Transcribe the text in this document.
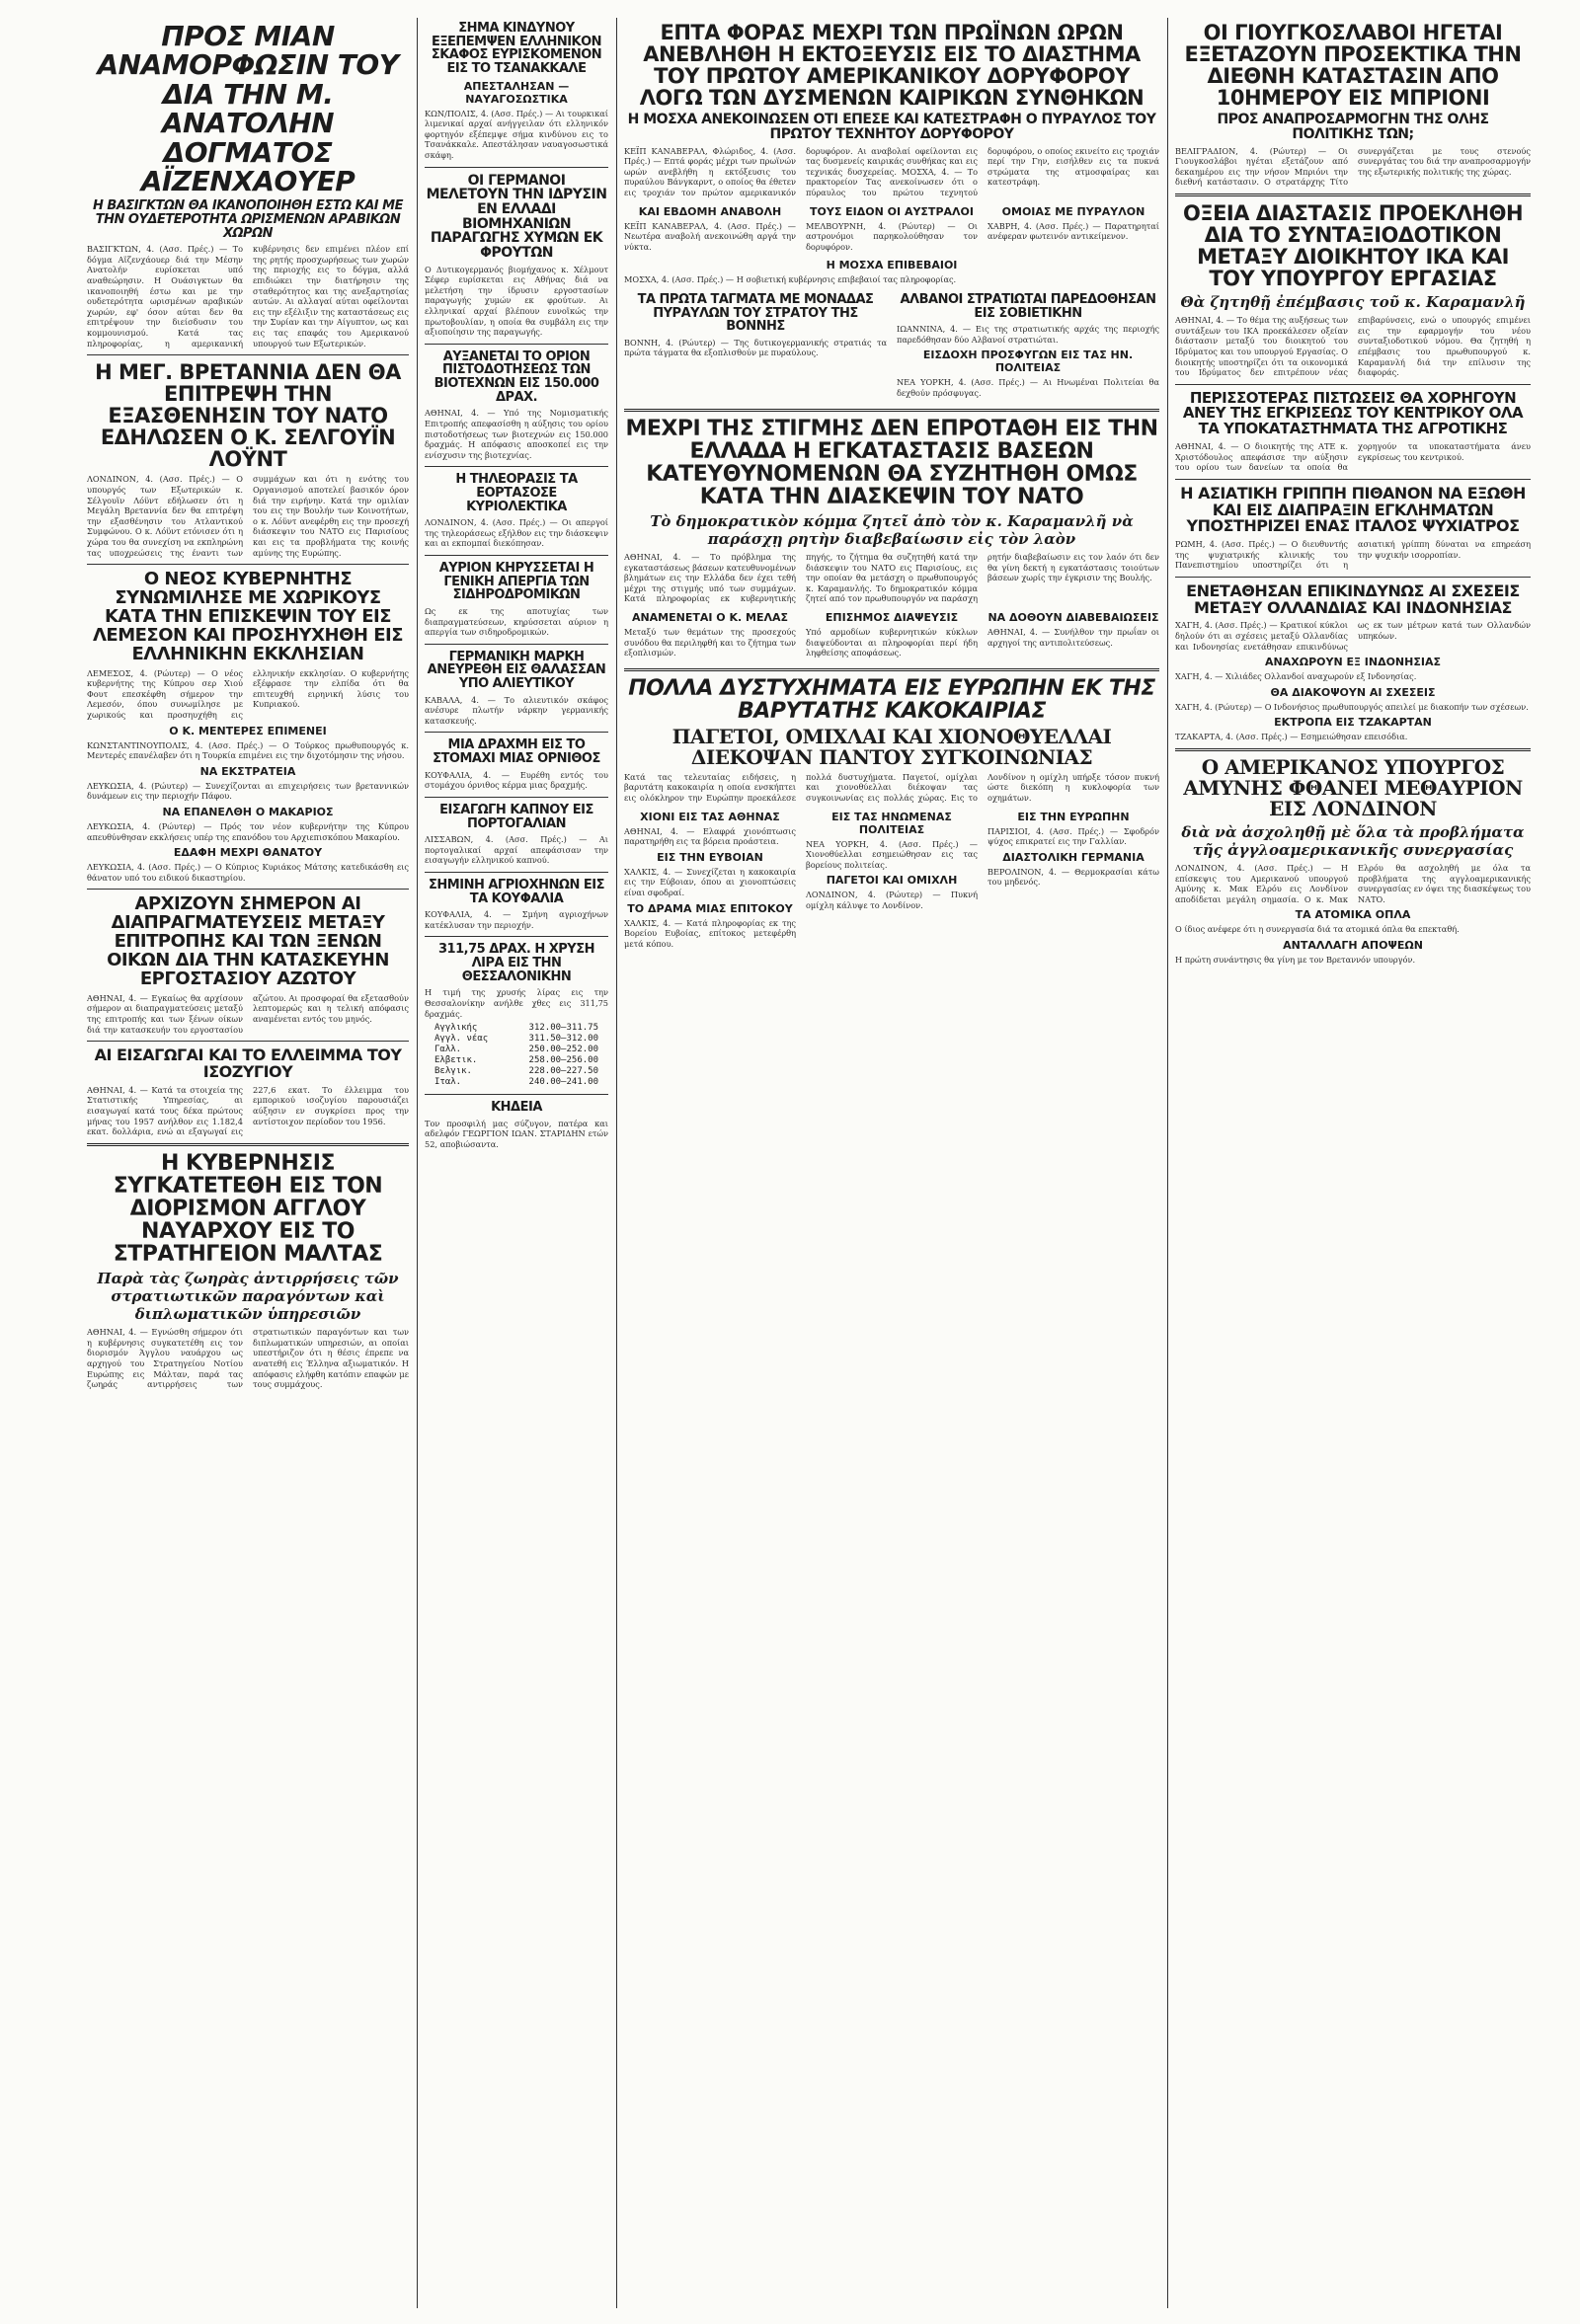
ΠΡΟΣ ΜΙΑΝ ΑΝΑΜΟΡΦΩΣΙΝ ΤΟΥ ΔΙΑ ΤΗΝ Μ. ΑΝΑΤΟΛΗΝ ΔΟΓΜΑΤΟΣ ΑΪΖΕΝΧΑΟΥΕΡ
Η ΒΑΣΙΓΚΤΩΝ ΘΑ ΙΚΑΝΟΠΟΙΗΘΗ ΕΣΤΩ ΚΑΙ ΜΕ ΤΗΝ ΟΥΔΕΤΕΡΟΤΗΤΑ ΩΡΙΣΜΕΝΩΝ ΑΡΑΒΙΚΩΝ ΧΩΡΩΝ
ΒΑΣΙΓΚΤΩΝ, 4. (Ασσ. Πρές.) — Το δόγμα Αϊζενχάουερ διά την Μέσην Ανατολήν ευρίσκεται υπό αναθεώρησιν. Η Ουάσιγκτων θα ικανοποιηθή έστω και με την ουδετερότητα ωρισμένων αραβικών χωρών, εφ' όσον αύται δεν θα επιτρέψουν την διείσδυσιν του κομμουνισμού. Κατά τας πληροφορίας, η αμερικανική κυβέρνησις δεν επιμένει πλέον επί της ρητής προσχωρήσεως των χωρών της περιοχής εις το δόγμα, αλλά επιδιώκει την διατήρησιν της σταθερότητος και της ανεξαρτησίας αυτών. Αι αλλαγαί αύται οφείλονται εις την εξέλιξιν της καταστάσεως εις την Συρίαν και την Αίγυπτον, ως και εις τας επαφάς του Αμερικανού υπουργού των Εξωτερικών.
Η ΜΕΓ. ΒΡΕΤΑΝΝΙΑ ΔΕΝ ΘΑ ΕΠΙΤΡΕΨΗ ΤΗΝ ΕΞΑΣΘΕΝΗΣΙΝ ΤΟΥ ΝΑΤΟ ΕΔΗΛΩΣΕΝ Ο Κ. ΣΕΛΓΟΥΪΝ ΛΟΫΝΤ
ΛΟΝΔΙΝΟΝ, 4. (Ασσ. Πρές.) — Ο υπουργός των Εξωτερικών κ. Σέλγουϊν Λόϋντ εδήλωσεν ότι η Μεγάλη Βρεταννία δεν θα επιτρέψη την εξασθένησιν του Ατλαντικού Συμφώνου. Ο κ. Λόϋντ ετόνισεν ότι η χώρα του θα συνεχίση να εκπληρώνη τας υποχρεώσεις της έναντι των συμμάχων και ότι η ενότης του Οργανισμού αποτελεί βασικόν όρον διά την ειρήνην. Κατά την ομιλίαν του εις την Βουλήν των Κοινοτήτων, ο κ. Λόϋντ ανεφέρθη εις την προσεχή διάσκεψιν του ΝΑΤΟ εις Παρισίους και εις τα προβλήματα της κοινής αμύνης της Ευρώπης.
Ο ΝΕΟΣ ΚΥΒΕΡΝΗΤΗΣ ΣΥΝΩΜΙΛΗΣΕ ΜΕ ΧΩΡΙΚΟΥΣ ΚΑΤΑ ΤΗΝ ΕΠΙΣΚΕΨΙΝ ΤΟΥ ΕΙΣ ΛΕΜΕΣΟΝ ΚΑΙ ΠΡΟΣΗΥΧΗΘΗ ΕΙΣ ΕΛΛΗΝΙΚΗΝ ΕΚΚΛΗΣΙΑΝ
ΛΕΜΕΣΟΣ, 4. (Ρώυτερ) — Ο νέος κυβερνήτης της Κύπρου σερ Χιού Φουτ επεσκέφθη σήμερον την Λεμεσόν, όπου συνωμίλησε με χωρικούς και προσηυχήθη εις ελληνικήν εκκλησίαν. Ο κυβερνήτης εξέφρασε την ελπίδα ότι θα επιτευχθή ειρηνική λύσις του Κυπριακού.
Ο Κ. ΜΕΝΤΕΡΕΣ ΕΠΙΜΕΝΕΙ
ΚΩΝΣΤΑΝΤΙΝΟΥΠΟΛΙΣ, 4. (Ασσ. Πρές.) — Ο Τούρκος πρωθυπουργός κ. Μεντερές επανέλαβεν ότι η Τουρκία επιμένει εις την διχοτόμησιν της νήσου.
ΝΑ ΕΚΣΤΡΑΤΕΙΑ
ΛΕΥΚΩΣΙΑ, 4. (Ρώυτερ) — Συνεχίζονται αι επιχειρήσεις των βρεταννικών δυνάμεων εις την περιοχήν Πάφου.
ΝΑ ΕΠΑΝΕΛΘΗ Ο ΜΑΚΑΡΙΟΣ
ΛΕΥΚΩΣΙΑ, 4. (Ρώυτερ) — Πρός τον νέον κυβερνήτην της Κύπρου απευθύνθησαν εκκλήσεις υπέρ της επανόδου του Αρχιεπισκόπου Μακαρίου.
ΕΔΑΦΗ ΜΕΧΡΙ ΘΑΝΑΤΟΥ
ΛΕΥΚΩΣΙΑ, 4. (Ασσ. Πρές.) — Ο Κύπριος Κυριάκος Μάτσης κατεδικάσθη εις θάνατον υπό του ειδικού δικαστηρίου.
ΑΡΧΙΖΟΥΝ ΣΗΜΕΡΟΝ ΑΙ ΔΙΑΠΡΑΓΜΑΤΕΥΣΕΙΣ ΜΕΤΑΞΥ ΕΠΙΤΡΟΠΗΣ ΚΑΙ ΤΩΝ ΞΕΝΩΝ ΟΙΚΩΝ ΔΙΑ ΤΗΝ ΚΑΤΑΣΚΕΥΗΝ ΕΡΓΟΣΤΑΣΙΟΥ ΑΖΩΤΟΥ
ΑΘΗΝΑΙ, 4. — Εγκαίως θα αρχίσουν σήμερον αι διαπραγματεύσεις μεταξύ της επιτροπής και των ξένων οίκων διά την κατασκευήν του εργοστασίου αζώτου. Αι προσφοραί θα εξετασθούν λεπτομερώς και η τελική απόφασις αναμένεται εντός του μηνός.
ΑΙ ΕΙΣΑΓΩΓΑΙ ΚΑΙ ΤΟ ΕΛΛΕΙΜΜΑ ΤΟΥ ΙΣΟΖΥΓΙΟΥ
ΑΘΗΝΑΙ, 4. — Κατά τα στοιχεία της Στατιστικής Υπηρεσίας, αι εισαγωγαί κατά τους δέκα πρώτους μήνας του 1957 ανήλθον εις 1.182,4 εκατ. δολλάρια, ενώ αι εξαγωγαί εις 227,6 εκατ. Το έλλειμμα του εμπορικού ισοζυγίου παρουσιάζει αύξησιν εν συγκρίσει προς την αντίστοιχον περίοδον του 1956.
Η ΚΥΒΕΡΝΗΣΙΣ ΣΥΓΚΑΤΕΤΕΘΗ ΕΙΣ ΤΟΝ ΔΙΟΡΙΣΜΟΝ ΑΓΓΛΟΥ ΝΑΥΑΡΧΟΥ ΕΙΣ ΤΟ ΣΤΡΑΤΗΓΕΙΟΝ ΜΑΛΤΑΣ
Παρὰ τὰς ζωηρὰς ἀντιρρήσεις τῶν στρατιωτικῶν παραγόντων καὶ διπλωματικῶν ὑπηρεσιῶν
ΑΘΗΝΑΙ, 4. — Εγνώσθη σήμερον ότι η κυβέρνησις συγκατετέθη εις τον διορισμόν Άγγλου ναυάρχου ως αρχηγού του Στρατηγείου Νοτίου Ευρώπης εις Μάλταν, παρά τας ζωηράς αντιρρήσεις των στρατιωτικών παραγόντων και των διπλωματικών υπηρεσιών, αι οποίαι υπεστήριζον ότι η θέσις έπρεπε να ανατεθή εις Έλληνα αξιωματικόν. Η απόφασις ελήφθη κατόπιν επαφών με τους συμμάχους.
ΣΗΜΑ ΚΙΝΔΥΝΟΥ ΕΞΕΠΕΜΨΕΝ ΕΛΛΗΝΙΚΟΝ ΣΚΑΦΟΣ ΕΥΡΙΣΚΟΜΕΝΟΝ ΕΙΣ ΤΟ ΤΣΑΝΑΚΚΑΛΕ
ΑΠΕΣΤΑΛΗΣΑΝ — ΝΑΥΑΓΟΣΩΣΤΙΚΑ
ΚΩΝ/ΠΟΛΙΣ, 4. (Ασσ. Πρές.) — Αι τουρκικαί λιμενικαί αρχαί ανήγγειλαν ότι ελληνικόν φορτηγόν εξέπεμψε σήμα κινδύνου εις το Τσανάκκαλε. Απεστάλησαν ναυαγοσωστικά σκάφη.
ΟΙ ΓΕΡΜΑΝΟΙ ΜΕΛΕΤΟΥΝ ΤΗΝ ΙΔΡΥΣΙΝ ΕΝ ΕΛΛΑΔΙ ΒΙΟΜΗΧΑΝΙΩΝ ΠΑΡΑΓΩΓΗΣ ΧΥΜΩΝ ΕΚ ΦΡΟΥΤΩΝ
Ο Δυτικογερμανός βιομήχανος κ. Χέλμουτ Σέφερ ευρίσκεται εις Αθήνας διά να μελετήση την ίδρυσιν εργοστασίων παραγωγής χυμών εκ φρούτων. Αι ελληνικαί αρχαί βλέπουν ευνοϊκώς την πρωτοβουλίαν, η οποία θα συμβάλη εις την αξιοποίησιν της παραγωγής.
ΑΥΞΑΝΕΤΑΙ ΤΟ ΟΡΙΟΝ ΠΙΣΤΟΔΟΤΗΣΕΩΣ ΤΩΝ ΒΙΟΤΕΧΝΩΝ ΕΙΣ 150.000 ΔΡΑΧ.
ΑΘΗΝΑΙ, 4. — Υπό της Νομισματικής Επιτροπής απεφασίσθη η αύξησις του ορίου πιστοδοτήσεως των βιοτεχνών εις 150.000 δραχμάς. Η απόφασις αποσκοπεί εις την ενίσχυσιν της βιοτεχνίας.
Η ΤΗΛΕΟΡΑΣΙΣ ΤΑ ΕΟΡΤΑΣΟΣΕ ΚΥΡΙΟΛΕΚΤΙΚΑ
ΛΟΝΔΙΝΟΝ, 4. (Ασσ. Πρές.) — Οι απεργοί της τηλεοράσεως εξήλθον εις την διάσκεψιν και αι εκπομπαί διεκόπησαν.
ΑΥΡΙΟΝ ΚΗΡΥΣΣΕΤΑΙ Η ΓΕΝΙΚΗ ΑΠΕΡΓΙΑ ΤΩΝ ΣΙΔΗΡΟΔΡΟΜΙΚΩΝ
Ως εκ της αποτυχίας των διαπραγματεύσεων, κηρύσσεται αύριον η απεργία των σιδηροδρομικών.
ΓΕΡΜΑΝΙΚΗ ΜΑΡΚΗ ΑΝΕΥΡΕΘΗ ΕΙΣ ΘΑΛΑΣΣΑΝ ΥΠΟ ΑΛΙΕΥΤΙΚΟΥ
ΚΑΒΑΛΑ, 4. — Το αλιευτικόν σκάφος ανέσυρε πλωτήν νάρκην γερμανικής κατασκευής.
ΜΙΑ ΔΡΑΧΜΗ ΕΙΣ ΤΟ ΣΤΟΜΑΧΙ ΜΙΑΣ ΟΡΝΙΘΟΣ
ΚΟΥΦΑΛΙΑ, 4. — Ευρέθη εντός του στομάχου όρνιθος κέρμα μιας δραχμής.
ΕΙΣΑΓΩΓΗ ΚΑΠΝΟΥ ΕΙΣ ΠΟΡΤΟΓΑΛΙΑΝ
ΛΙΣΣΑΒΩΝ, 4. (Ασσ. Πρές.) — Αι πορτογαλικαί αρχαί απεφάσισαν την εισαγωγήν ελληνικού καπνού.
ΣΗΜΙΝΗ ΑΓΡΙΟΧΗΝΩΝ ΕΙΣ ΤΑ ΚΟΥΦΑΛΙΑ
ΚΟΥΦΑΛΙΑ, 4. — Σμήνη αγριοχήνων κατέκλυσαν την περιοχήν.
311,75 ΔΡΑΧ. Η ΧΡΥΣΗ ΛΙΡΑ ΕΙΣ ΤΗΝ ΘΕΣΣΑΛΟΝΙΚΗΝ
Η τιμή της χρυσής λίρας εις την Θεσσαλονίκην ανήλθε χθες εις 311,75 δραχμάς.
Αγγλικής	312.00—311.75
Αγγλ. νέας	311.50—312.00
Γαλλ.	250.00—252.00
Ελβετικ.	258.00—256.00
Βελγικ.	228.00—227.50
Ιταλ.	240.00—241.00
ΚΗΔΕΙΑ
Τον προσφιλή μας σύζυγον, πατέρα και αδελφόν ΓΕΩΡΓΙΟΝ ΙΩΑΝ. ΣΤΑΡΙΔΗΝ ετών 52, αποβιώσαντα.
ΕΠΤΑ ΦΟΡΑΣ ΜΕΧΡΙ ΤΩΝ ΠΡΩΪΝΩΝ ΩΡΩΝ ΑΝΕΒΛΗΘΗ Η ΕΚΤΟΞΕΥΣΙΣ ΕΙΣ ΤΟ ΔΙΑΣΤΗΜΑ ΤΟΥ ΠΡΩΤΟΥ ΑΜΕΡΙΚΑΝΙΚΟΥ ΔΟΡΥΦΟΡΟΥ ΛΟΓΩ ΤΩΝ ΔΥΣΜΕΝΩΝ ΚΑΙΡΙΚΩΝ ΣΥΝΘΗΚΩΝ
Η ΜΟΣΧΑ ΑΝΕΚΟΙΝΩΣΕΝ ΟΤΙ ΕΠΕΣΕ ΚΑΙ ΚΑΤΕΣΤΡΑΦΗ Ο ΠΥΡΑΥΛΟΣ ΤΟΥ ΠΡΩΤΟΥ ΤΕΧΝΗΤΟΥ ΔΟΡΥΦΟΡΟΥ
ΚΕΪΠ ΚΑΝΑΒΕΡΑΛ, Φλώριδος, 4. (Ασσ. Πρές.) — Επτά φοράς μέχρι των πρωϊνών ωρών ανεβλήθη η εκτόξευσις του πυραύλου Βάνγκαρντ, ο οποίος θα έθετεν εις τροχιάν τον πρώτον αμερικανικόν δορυφόρον. Αι αναβολαί οφείλονται εις τας δυσμενείς καιρικάς συνθήκας και εις τεχνικάς δυσχερείας. ΜΟΣΧΑ, 4. — Το πρακτορείον Τας ανεκοίνωσεν ότι ο πύραυλος του πρώτου τεχνητού δορυφόρου, ο οποίος εκινείτο εις τροχιάν περί την Γην, εισήλθεν εις τα πυκνά στρώματα της ατμοσφαίρας και κατεστράφη.
ΚΑΙ ΕΒΔΟΜΗ ΑΝΑΒΟΛΗ
ΚΕΪΠ ΚΑΝΑΒΕΡΑΛ, 4. (Ασσ. Πρές.) — Νεωτέρα αναβολή ανεκοινώθη αργά την νύκτα.
ΤΟΥΣ ΕΙΔΟΝ ΟΙ ΑΥΣΤΡΑΛΟΙ
ΜΕΛΒΟΥΡΝΗ, 4. (Ρώυτερ) — Οι αστρονόμοι παρηκολούθησαν τον δορυφόρον.
ΟΜΟΙΑΣ ΜΕ ΠΥΡΑΥΛΟΝ
ΧΑΒΡΗ, 4. (Ασσ. Πρές.) — Παρατηρηταί ανέφεραν φωτεινόν αντικείμενον.
Η ΜΟΣΧΑ ΕΠΙΒΕΒΑΙΟΙ
ΜΟΣΧΑ, 4. (Ασσ. Πρές.) — Η σοβιετική κυβέρνησις επιβεβαιοί τας πληροφορίας.
ΤΑ ΠΡΩΤΑ ΤΑΓΜΑΤΑ ΜΕ ΜΟΝΑΔΑΣ ΠΥΡΑΥΛΩΝ ΤΟΥ ΣΤΡΑΤΟΥ ΤΗΣ ΒΟΝΝΗΣ
ΒΟΝΝΗ, 4. (Ρώυτερ) — Της δυτικογερμανικής στρατιάς τα πρώτα τάγματα θα εξοπλισθούν με πυραύλους.
ΑΛΒΑΝΟΙ ΣΤΡΑΤΙΩΤΑΙ ΠΑΡΕΔΟΘΗΣΑΝ ΕΙΣ ΣΟΒΙΕΤΙΚΗΝ
ΙΩΑΝΝΙΝΑ, 4. — Εις της στρατιωτικής αρχάς της περιοχής παρεδόθησαν δύο Αλβανοί στρατιώται.
ΕΙΣΔΟΧΗ ΠΡΟΣΦΥΓΩΝ ΕΙΣ ΤΑΣ ΗΝ. ΠΟΛΙΤΕΙΑΣ
ΝΕΑ ΥΟΡΚΗ, 4. (Ασσ. Πρές.) — Αι Ηνωμέναι Πολιτείαι θα δεχθούν πρόσφυγας.
ΜΕΧΡΙ ΤΗΣ ΣΤΙΓΜΗΣ ΔΕΝ ΕΠΡΟΤΑΘΗ ΕΙΣ ΤΗΝ ΕΛΛΑΔΑ Η ΕΓΚΑΤΑΣΤΑΣΙΣ ΒΑΣΕΩΝ ΚΑΤΕΥΘΥΝΟΜΕΝΩΝ ΘΑ ΣΥΖΗΤΗΘΗ ΟΜΩΣ ΚΑΤΑ ΤΗΝ ΔΙΑΣΚΕΨΙΝ ΤΟΥ ΝΑΤΟ
Τὸ δημοκρατικὸν κόμμα ζητεῖ ἀπὸ τὸν κ. Καραμανλῆ νὰ παράσχῃ ρητὴν διαβεβαίωσιν εἰς τὸν λαὸν
ΑΘΗΝΑΙ, 4. — Το πρόβλημα της εγκαταστάσεως βάσεων κατευθυνομένων βλημάτων εις την Ελλάδα δεν έχει τεθή μέχρι της στιγμής υπό των συμμάχων. Κατά πληροφορίας εκ κυβερνητικής πηγής, το ζήτημα θα συζητηθή κατά την διάσκεψιν του ΝΑΤΟ εις Παρισίους, εις την οποίαν θα μετάσχη ο πρωθυπουργός κ. Καραμανλής. Το δημοκρατικόν κόμμα ζητεί από τον πρωθυπουργόν να παράσχη ρητήν διαβεβαίωσιν εις τον λαόν ότι δεν θα γίνη δεκτή η εγκατάστασις τοιούτων βάσεων χωρίς την έγκρισιν της Βουλής.
ΑΝΑΜΕΝΕΤΑΙ Ο Κ. ΜΕΛΑΣ
Μεταξύ των θεμάτων της προσεχούς συνόδου θα περιληφθή και το ζήτημα των εξοπλισμών.
ΕΠΙΣΗΜΟΣ ΔΙΑΨΕΥΣΙΣ
Υπό αρμοδίων κυβερνητικών κύκλων διαψεύδονται αι πληροφορίαι περί ήδη ληφθείσης αποφάσεως.
ΝΑ ΔΟΘΟΥΝ ΔΙΑΒΕΒΑΙΩΣΕΙΣ
ΑΘΗΝΑΙ, 4. — Συνήλθον την πρωΐαν οι αρχηγοί της αντιπολιτεύσεως.
ΠΟΛΛΑ ΔΥΣΤΥΧΗΜΑΤΑ ΕΙΣ ΕΥΡΩΠΗΝ ΕΚ ΤΗΣ ΒΑΡΥΤΑΤΗΣ ΚΑΚΟΚΑΙΡΙΑΣ
ΠΑΓΕΤΟΙ, ΟΜΙΧΛΑΙ ΚΑΙ ΧΙΟΝΟΘΥΕΛΛΑΙ ΔΙΕΚΟΨΑΝ ΠΑΝΤΟΥ ΣΥΓΚΟΙΝΩΝΙΑΣ
Κατά τας τελευταίας ειδήσεις, η βαρυτάτη κακοκαιρία η οποία ενσκήπτει εις ολόκληρον την Ευρώπην προεκάλεσε πολλά δυστυχήματα. Παγετοί, ομίχλαι και χιονοθύελλαι διέκοψαν τας συγκοινωνίας εις πολλάς χώρας. Εις το Λονδίνον η ομίχλη υπήρξε τόσον πυκνή ώστε διεκόπη η κυκλοφορία των οχημάτων.
ΧΙΟΝΙ ΕΙΣ ΤΑΣ ΑΘΗΝΑΣ
ΑΘΗΝΑΙ, 4. — Ελαφρά χιονόπτωσις παρατηρήθη εις τα βόρεια προάστεια.
ΕΙΣ ΤΗΝ ΕΥΒΟΙΑΝ
ΧΑΛΚΙΣ, 4. — Συνεχίζεται η κακοκαιρία εις την Εύβοιαν, όπου αι χιονοπτώσεις είναι σφοδραί.
ΤΟ ΔΡΑΜΑ ΜΙΑΣ ΕΠΙΤΟΚΟΥ
ΧΑΛΚΙΣ, 4. — Κατά πληροφορίας εκ της Βορείου Ευβοίας, επίτοκος μετεφέρθη μετά κόπου.
ΕΙΣ ΤΑΣ ΗΝΩΜΕΝΑΣ ΠΟΛΙΤΕΙΑΣ
ΝΕΑ ΥΟΡΚΗ, 4. (Ασσ. Πρές.) — Χιονοθύελλαι εσημειώθησαν εις τας βορείους πολιτείας.
ΠΑΓΕΤΟΙ ΚΑΙ ΟΜΙΧΛΗ
ΛΟΝΔΙΝΟΝ, 4. (Ρώυτερ) — Πυκνή ομίχλη κάλυψε το Λονδίνον.
ΕΙΣ ΤΗΝ ΕΥΡΩΠΗΝ
ΠΑΡΙΣΙΟΙ, 4. (Ασσ. Πρές.) — Σφοδρόν ψύχος επικρατεί εις την Γαλλίαν.
ΔΙΑΣΤΟΛΙΚΗ ΓΕΡΜΑΝΙΑ
ΒΕΡΟΛΙΝΟΝ, 4. — Θερμοκρασίαι κάτω του μηδενός.
ΟΙ ΓΙΟΥΓΚΟΣΛΑΒΟΙ ΗΓΕΤΑΙ ΕΞΕΤΑΖΟΥΝ ΠΡΟΣΕΚΤΙΚΑ ΤΗΝ ΔΙΕΘΝΗ ΚΑΤΑΣΤΑΣΙΝ ΑΠΟ 10ΗΜΕΡΟΥ ΕΙΣ ΜΠΡΙΟΝΙ
ΠΡΟΣ ΑΝΑΠΡΟΣΑΡΜΟΓΗΝ ΤΗΣ ΟΛΗΣ ΠΟΛΙΤΙΚΗΣ ΤΩΝ;
ΒΕΛΙΓΡΑΔΙΟΝ, 4. (Ρώυτερ) — Οι Γιουγκοσλάβοι ηγέται εξετάζουν από δεκαημέρου εις την νήσον Μπριόνι την διεθνή κατάστασιν. Ο στρατάρχης Τίτο συνεργάζεται με τους στενούς συνεργάτας του διά την αναπροσαρμογήν της εξωτερικής πολιτικής της χώρας.
ΟΞΕΙΑ ΔΙΑΣΤΑΣΙΣ ΠΡΟΕΚΛΗΘΗ ΔΙΑ ΤΟ ΣΥΝΤΑΞΙΟΔΟΤΙΚΟΝ ΜΕΤΑΞΥ ΔΙΟΙΚΗΤΟΥ ΙΚΑ ΚΑΙ ΤΟΥ ΥΠΟΥΡΓΟΥ ΕΡΓΑΣΙΑΣ
Θὰ ζητηθῇ ἐπέμβασις τοῦ κ. Καραμανλῆ
ΑΘΗΝΑΙ, 4. — Το θέμα της αυξήσεως των συντάξεων του ΙΚΑ προεκάλεσεν οξείαν διάστασιν μεταξύ του διοικητού του Ιδρύματος και του υπουργού Εργασίας. Ο διοικητής υποστηρίζει ότι τα οικονομικά του Ιδρύματος δεν επιτρέπουν νέας επιβαρύνσεις, ενώ ο υπουργός επιμένει εις την εφαρμογήν του νέου συνταξιοδοτικού νόμου. Θα ζητηθή η επέμβασις του πρωθυπουργού κ. Καραμανλή διά την επίλυσιν της διαφοράς.
ΠΕΡΙΣΣΟΤΕΡΑΣ ΠΙΣΤΩΣΕΙΣ ΘΑ ΧΟΡΗΓΟΥΝ ΑΝΕΥ ΤΗΣ ΕΓΚΡΙΣΕΩΣ ΤΟΥ ΚΕΝΤΡΙΚΟΥ ΟΛΑ ΤΑ ΥΠΟΚΑΤΑΣΤΗΜΑΤΑ ΤΗΣ ΑΓΡΟΤΙΚΗΣ
ΑΘΗΝΑΙ, 4. — Ο διοικητής της ΑΤΕ κ. Χριστόδουλος απεφάσισε την αύξησιν του ορίου των δανείων τα οποία θα χορηγούν τα υποκαταστήματα άνευ εγκρίσεως του κεντρικού.
Η ΑΣΙΑΤΙΚΗ ΓΡΙΠΠΗ ΠΙΘΑΝΟΝ ΝΑ ΕΞΩΘΗ ΚΑΙ ΕΙΣ ΔΙΑΠΡΑΞΙΝ ΕΓΚΛΗΜΑΤΩΝ ΥΠΟΣΤΗΡΙΖΕΙ ΕΝΑΣ ΙΤΑΛΟΣ ΨΥΧΙΑΤΡΟΣ
ΡΩΜΗ, 4. (Ασσ. Πρές.) — Ο διευθυντής της ψυχιατρικής κλινικής του Πανεπιστημίου υποστηρίζει ότι η ασιατική γρίππη δύναται να επηρεάση την ψυχικήν ισορροπίαν.
ΕΝΕΤΑΘΗΣΑΝ ΕΠΙΚΙΝΔΥΝΩΣ ΑΙ ΣΧΕΣΕΙΣ ΜΕΤΑΞΥ ΟΛΛΑΝΔΙΑΣ ΚΑΙ ΙΝΔΟΝΗΣΙΑΣ
ΧΑΓΗ, 4. (Ασσ. Πρές.) — Κρατικοί κύκλοι δηλούν ότι αι σχέσεις μεταξύ Ολλανδίας και Ινδονησίας ενετάθησαν επικινδύνως ως εκ των μέτρων κατά των Ολλανδών υπηκόων.
ΑΝΑΧΩΡΟΥΝ ΕΞ ΙΝΔΟΝΗΣΙΑΣ
ΧΑΓΗ, 4. — Χιλιάδες Ολλανδοί αναχωρούν εξ Ινδονησίας.
ΘΑ ΔΙΑΚΟΨΟΥΝ ΑΙ ΣΧΕΣΕΙΣ
ΧΑΓΗ, 4. (Ρώυτερ) — Ο Ινδονήσιος πρωθυπουργός απειλεί με διακοπήν των σχέσεων.
ΕΚΤΡΟΠΑ ΕΙΣ ΤΖΑΚΑΡΤΑΝ
ΤΖΑΚΑΡΤΑ, 4. (Ασσ. Πρές.) — Εσημειώθησαν επεισόδια.
Ο ΑΜΕΡΙΚΑΝΟΣ ΥΠΟΥΡΓΟΣ ΑΜΥΝΗΣ ΦΘΑΝΕΙ ΜΕΘΑΥΡΙΟΝ ΕΙΣ ΛΟΝΔΙΝΟΝ
διὰ νὰ ἀσχοληθῇ μὲ ὅλα τὰ προβλήματα τῆς ἀγγλοαμερικανικῆς συνεργασίας
ΛΟΝΔΙΝΟΝ, 4. (Ασσ. Πρές.) — Η επίσκεψις του Αμερικανού υπουργού Αμύνης κ. Μακ Ελρόυ εις Λονδίνον αποδίδεται μεγάλη σημασία. Ο κ. Μακ Ελρόυ θα ασχοληθή με όλα τα προβλήματα της αγγλοαμερικανικής συνεργασίας εν όψει της διασκέψεως του ΝΑΤΟ.
ΤΑ ΑΤΟΜΙΚΑ ΟΠΛΑ
Ο ίδιος ανέφερε ότι η συνεργασία διά τα ατομικά όπλα θα επεκταθή.
ΑΝΤΑΛΛΑΓΗ ΑΠΟΨΕΩΝ
Η πρώτη συνάντησις θα γίνη με τον Βρεταννόν υπουργόν.
